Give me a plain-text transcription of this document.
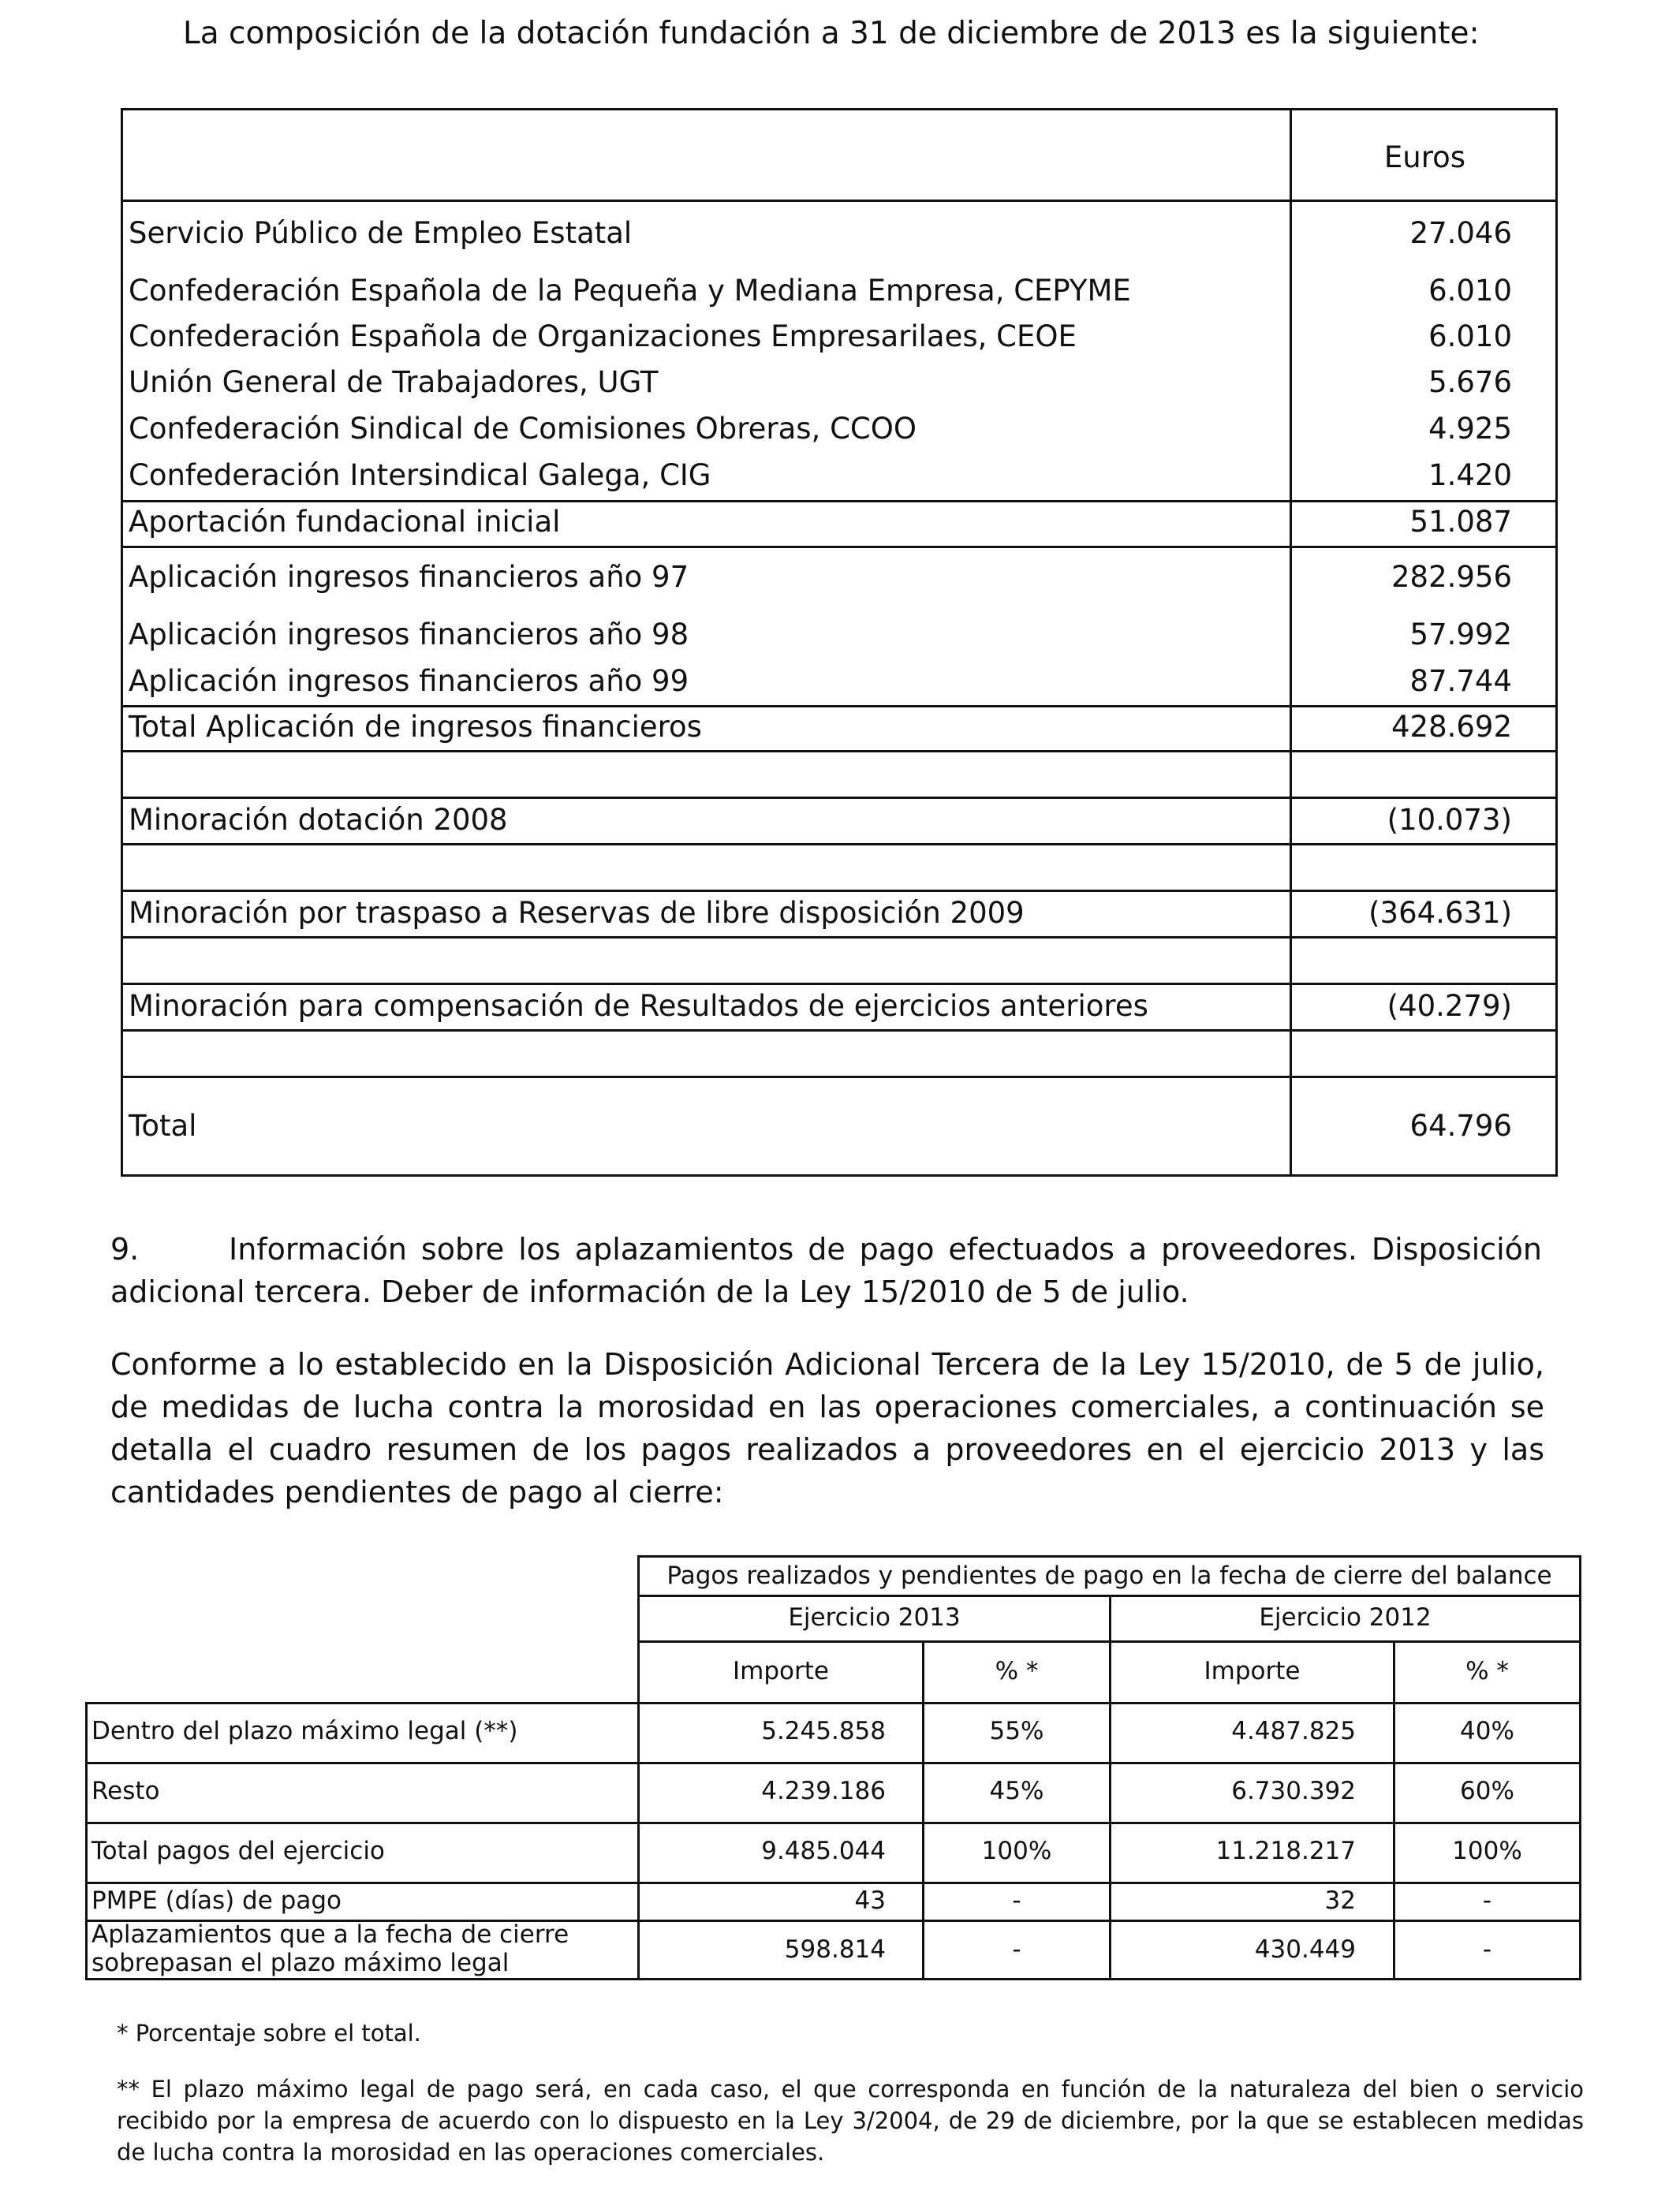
La composición de la dotación fundación a 31 de diciembre de 2013 es la siguiente:
Euros
Servicio Público de Empleo Estatal	27.046
Confederación Española de la Pequeña y Mediana Empresa, CEPYME	6.010
Confederación Española de Organizaciones Empresarilaes, CEOE	6.010
Unión General de Trabajadores, UGT	5.676
Confederación Sindical de Comisiones Obreras, CCOO	4.925
Confederación Intersindical Galega, CIG	1.420
Aportación fundacional inicial	51.087
Aplicación ingresos financieros año 97	282.956
Aplicación ingresos financieros año 98	57.992
Aplicación ingresos financieros año 99	87.744
Total Aplicación de ingresos financieros	428.692
Minoración dotación 2008	(10.073)
Minoración por traspaso a Reservas de libre disposición 2009	(364.631)
Minoración para compensación de Resultados de ejercicios anteriores	(40.279)
Total	64.796
9.	Información sobre los aplazamientos de pago efectuados a proveedores. Disposición
adicional tercera. Deber de información de la Ley 15/2010 de 5 de julio.

Conforme a lo establecido en la Disposición Adicional Tercera de la Ley 15/2010, de 5 de julio, de medidas de lucha contra la morosidad en las operaciones comerciales, a continuación se detalla el cuadro resumen de los pagos realizados a proveedores en el ejercicio 2013 y las cantidades pendientes de pago al cierre:

Pagos realizados y pendientes de pago en la fecha de cierre del balance
Ejercicio 2013	Ejercicio 2012
Importe	% *	Importe	% *
Dentro del plazo máximo legal (**)	5.245.858	55%	4.487.825	40%
Resto	4.239.186	45%	6.730.392	60%
Total pagos del ejercicio	9.485.044	100%	11.218.217	100%
PMPE (días) de pago	43	-	32	-
Aplazamientos que a la fecha de cierre
sobrepasan el plazo máximo legal	598.814	-	430.449	-

* Porcentaje sobre el total.

** El plazo máximo legal de pago será, en cada caso, el que corresponda en función de la naturaleza del bien o servicio recibido por la empresa de acuerdo con lo dispuesto en la Ley 3/2004, de 29 de diciembre, por la que se establecen medidas de lucha contra la morosidad en las operaciones comerciales.
